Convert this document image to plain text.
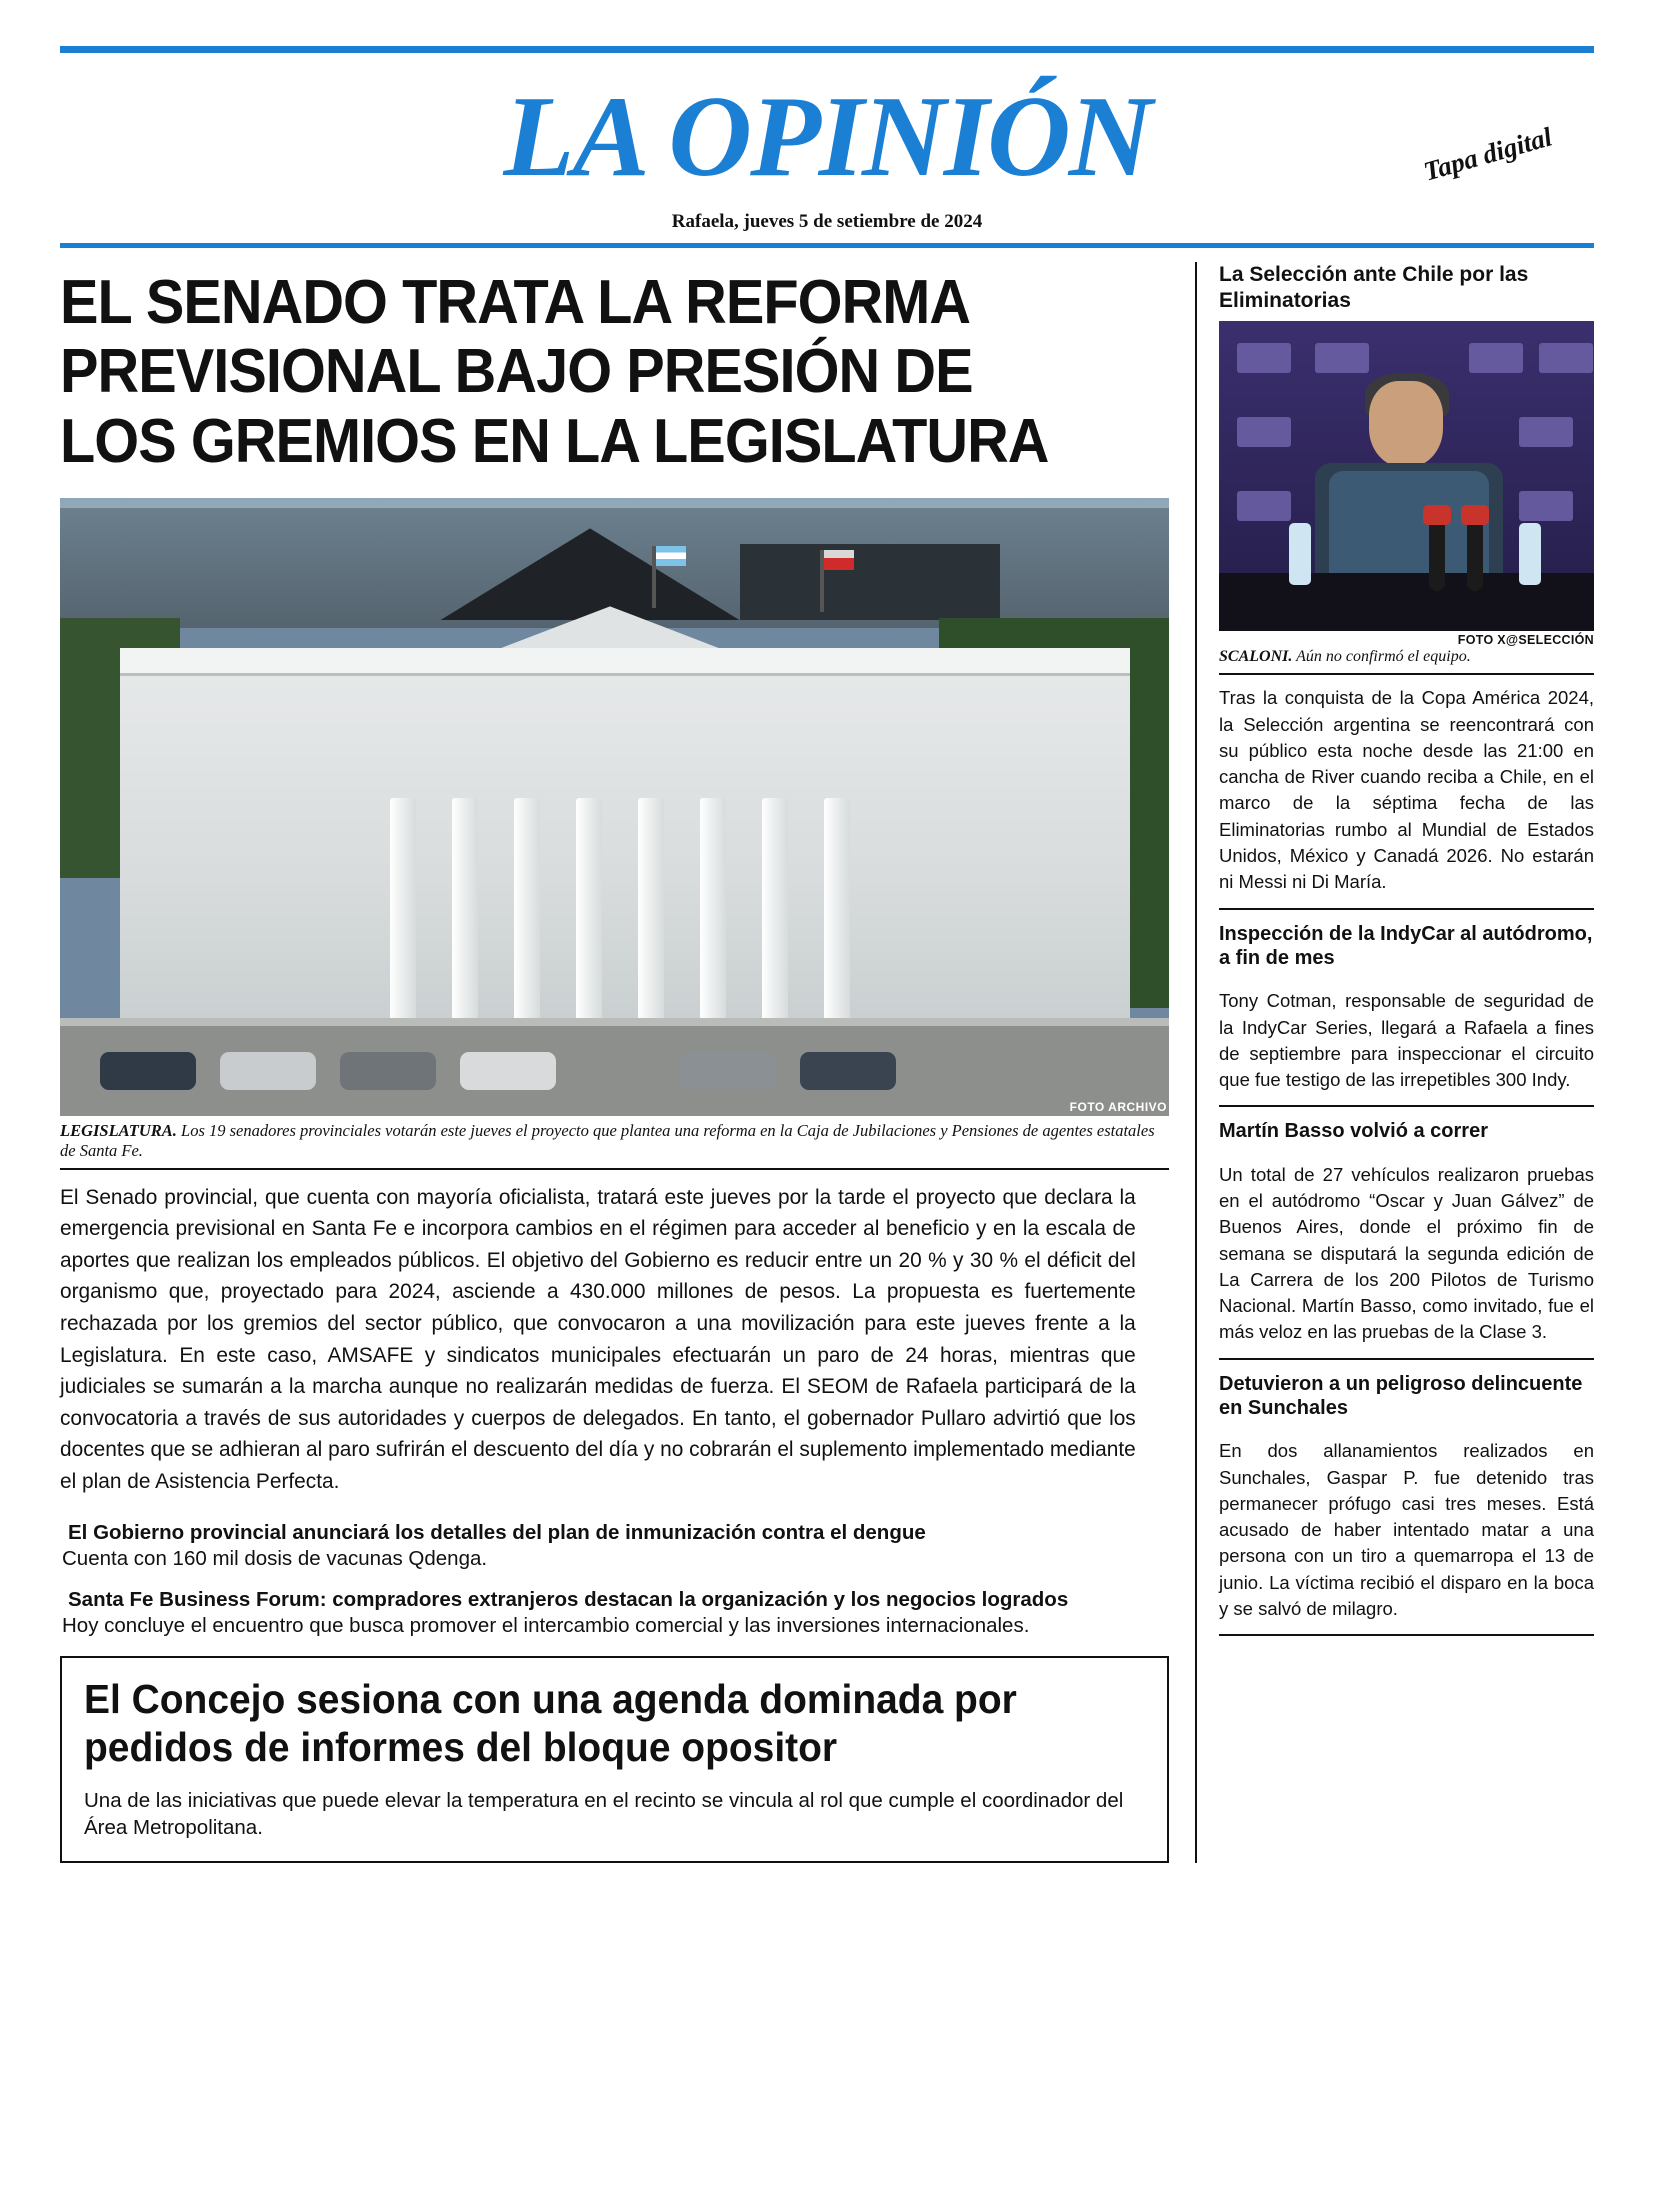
LA OPINIÓN	Tapa digital
Rafaela, jueves 5 de setiembre de 2024
EL SENADO TRATA LA REFORMA PREVISIONAL BAJO PRESIÓN DE LOS GREMIOS EN LA LEGISLATURA
FOTO ARCHIVO
LEGISLATURA. Los 19 senadores provinciales votarán este jueves el proyecto que plantea una reforma en la Caja de Jubilaciones y Pensiones de agentes estatales de Santa Fe.

El Senado provincial, que cuenta con mayoría oficialista, tratará este jueves por la tarde el proyecto que declara la emergencia previsional en Santa Fe e incorpora cambios en el régimen para acceder al beneficio y en la escala de aportes que realizan los empleados públicos. El objetivo del Gobierno es reducir entre un 20 % y 30 % el déficit del organismo que, proyectado para 2024, asciende a 430.000 millones de pesos. La propuesta es fuertemente rechazada por los gremios del sector público, que convocaron a una movilización para este jueves frente a la Legislatura. En este caso, AMSAFE y sindicatos municipales efectuarán un paro de 24 horas, mientras que judiciales se sumarán a la marcha aunque no realizarán medidas de fuerza. El SEOM de Rafaela participará de la convocatoria a través de sus autoridades y cuerpos de delegados. En tanto, el gobernador Pullaro advirtió que los docentes que se adhieran al paro sufrirán el descuento del día y no cobrarán el suplemento implementado mediante el plan de Asistencia Perfecta.

El Gobierno provincial anunciará los detalles del plan de inmunización contra el dengue
Cuenta con 160 mil dosis de vacunas Qdenga.
Santa Fe Business Forum: compradores extranjeros destacan la organización y los negocios logrados
Hoy concluye el encuentro que busca promover el intercambio comercial y las inversiones internacionales.
El Concejo sesiona con una agenda dominada por pedidos de informes del bloque opositor
Una de las iniciativas que puede elevar la temperatura en el recinto se vincula al rol que cumple el coordinador del Área Metropolitana.
La Selección ante Chile por las Eliminatorias
FOTO X@SELECCIÓN
SCALONI. Aún no confirmó el equipo.
Tras la conquista de la Copa América 2024, la Selección argentina se reencontrará con su público esta noche desde las 21:00 en cancha de River cuando reciba a Chile, en el marco de la séptima fecha de las Eliminatorias rumbo al Mundial de Estados Unidos, México y Canadá 2026. No estarán ni Messi ni Di María.
Inspección de la IndyCar al autódromo, a fin de mes
Tony Cotman, responsable de seguridad de la IndyCar Series, llegará a Rafaela a fines de septiembre para inspeccionar el circuito que fue testigo de las irrepetibles 300 Indy.
Martín Basso volvió a correr
Un total de 27 vehículos realizaron pruebas en el autódromo “Oscar y Juan Gálvez” de Buenos Aires, donde el próximo fin de semana se disputará la segunda edición de La Carrera de los 200 Pilotos de Turismo Nacional. Martín Basso, como invitado, fue el más veloz en las pruebas de la Clase 3.
Detuvieron a un peligroso delincuente en Sunchales
En dos allanamientos realizados en Sunchales, Gaspar P. fue detenido tras permanecer prófugo casi tres meses. Está acusado de haber intentado matar a una persona con un tiro a quemarropa el 13 de junio. La víctima recibió el disparo en la boca y se salvó de milagro.
